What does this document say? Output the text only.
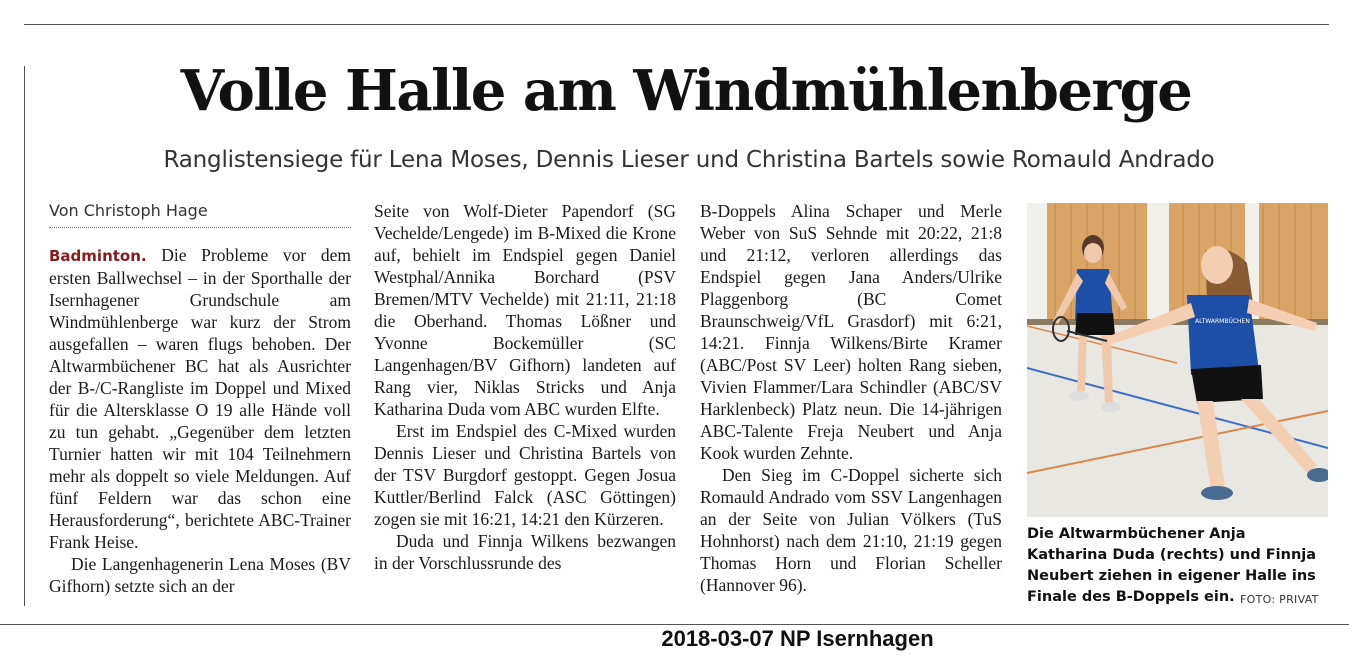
Volle Halle am Windmühlenberge
Ranglistensiege für Lena Moses, Dennis Lieser und Christina Bartels sowie Romauld Andrado
Von Christoph Hage

Badminton. Die Probleme vor dem ersten Ballwechsel – in der Sporthalle der Isernhagener Grundschule am Windmühlenberge war kurz der Strom ausgefallen – waren flugs behoben. Der Altwarmbüchener BC hat als Ausrichter der B-/C-Rangliste im Doppel und Mixed für die Altersklasse O 19 alle Hände voll zu tun gehabt. „Gegenüber dem letzten Turnier hatten wir mit 104 Teilnehmern mehr als doppelt so viele Meldungen. Auf fünf Feldern war das schon eine Herausforderung“, berichtete ABC-Trainer Frank Heise.

Die Langenhagenerin Lena Moses (BV Gifhorn) setzte sich an der

Seite von Wolf-Dieter Papendorf (SG Vechelde/Lengede) im B-Mixed die Krone auf, behielt im Endspiel gegen Daniel Westphal/Annika Borchard (PSV Bremen/MTV Vechelde) mit 21:11, 21:18 die Oberhand. Thomas Lößner und Yvonne Bockemüller (SC Langenhagen/BV Gifhorn) landeten auf Rang vier, Niklas Stricks und Anja Katharina Duda vom ABC wurden Elfte.

Erst im Endspiel des C-Mixed wurden Dennis Lieser und Christina Bartels von der TSV Burgdorf gestoppt. Gegen Josua Kuttler/Berlind Falck (ASC Göttingen) zogen sie mit 16:21, 14:21 den Kürzeren.

Duda und Finnja Wilkens bezwangen in der Vorschlussrunde des

B-Doppels Alina Schaper und Merle Weber von SuS Sehnde mit 20:22, 21:8 und 21:12, verloren allerdings das Endspiel gegen Jana Anders/Ulrike Plaggenborg (BC Comet Braunschweig/VfL Grasdorf) mit 6:21, 14:21. Finnja Wilkens/Birte Kramer (ABC/Post SV Leer) holten Rang sieben, Vivien Flammer/Lara Schindler (ABC/SV Harklenbeck) Platz neun. Die 14-jährigen ABC-Talente Freja Neubert und Anja Kook wurden Zehnte.

Den Sieg im C-Doppel sicherte sich Romauld Andrado vom SSV Langenhagen an der Seite von Julian Völkers (TuS Hohnhorst) nach dem 21:10, 21:19 gegen Thomas Horn und Florian Scheller (Hannover 96).

ALTWARMBÜCHEN
Die Altwarmbüchener Anja Katharina Duda (rechts) und Finnja Neubert ziehen in eigener Halle ins Finale des B-Doppels ein. FOTO: PRIVAT
2018-03-07 NP Isernhagen
